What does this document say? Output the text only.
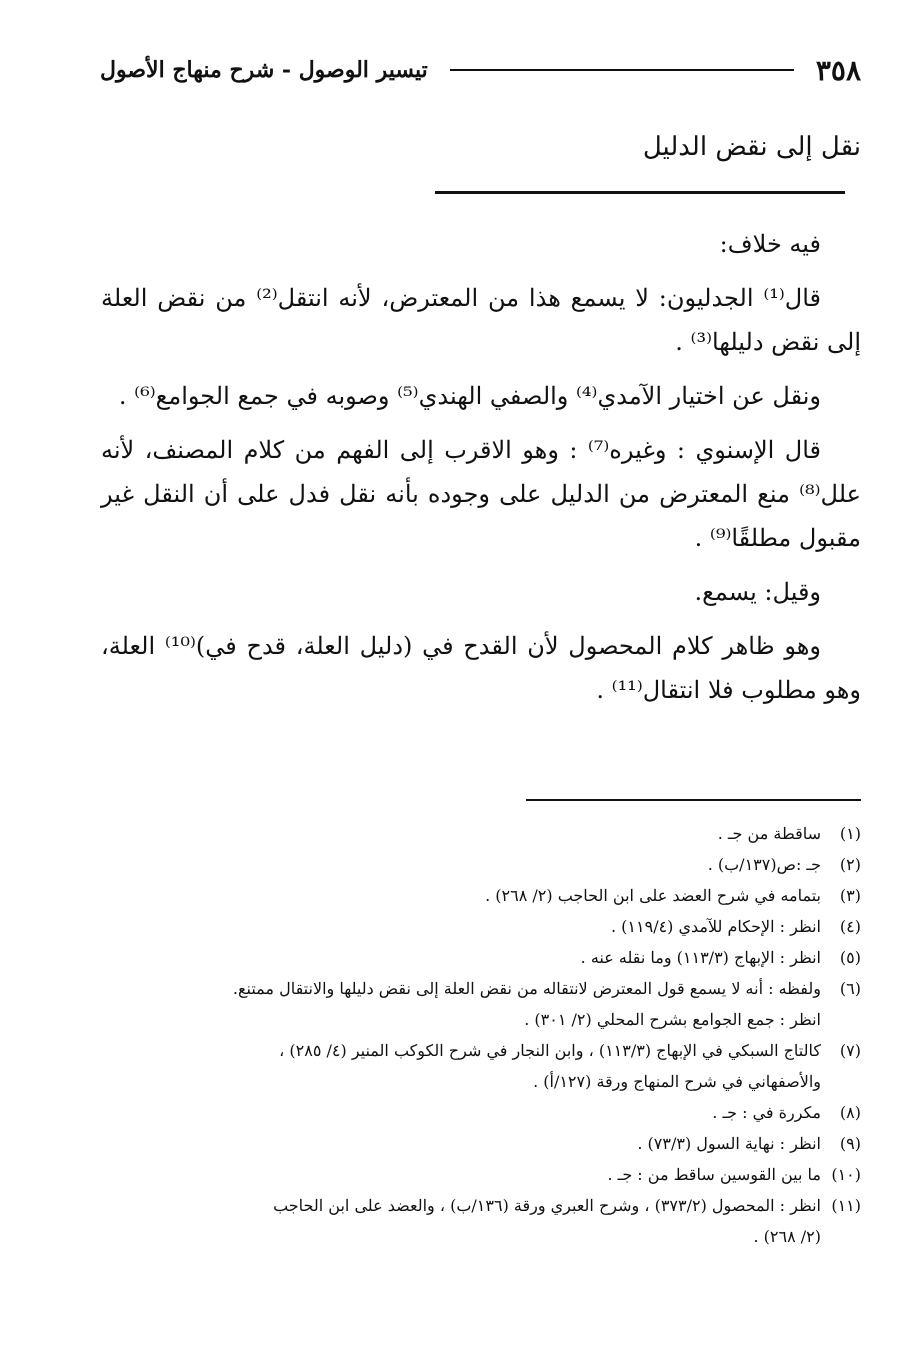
٣٥٨
تيسير الوصول - شرح منهاج الأصول
نقل إلى نقض الدليل

فيه خلاف:

قال⁽¹⁾ الجدليون: لا يسمع هذا من المعترض، لأنه انتقل⁽²⁾ من نقض العلة إلى نقض دليلها⁽³⁾ .

ونقل عن اختيار الآمدي⁽⁴⁾ والصفي الهندي⁽⁵⁾ وصوبه في جمع الجوامع⁽⁶⁾ .

قال الإسنوي : وغيره⁽⁷⁾ : وهو الاقرب إلى الفهم من كلام المصنف، لأنه علل⁽⁸⁾ منع المعترض من الدليل على وجوده بأنه نقل فدل على أن النقل غير مقبول مطلقًا⁽⁹⁾ .

وقيل: يسمع.

وهو ظاهر كلام المحصول لأن القدح في (دليل العلة، قدح في)⁽¹⁰⁾ العلة، وهو مطلوب فلا انتقال⁽¹¹⁾ .

(١)
ساقطة من جـ .
(٢)
جـ :ص(١٣٧/ب) .
(٣)
بتمامه في شرح العضد على ابن الحاجب (٢/ ٢٦٨) .
(٤)
انظر : الإحكام للآمدي (١١٩/٤) .
(٥)
انظر : الإبهاج (١١٣/٣) وما نقله عنه .
(٦)
ولفظه : أنه لا يسمع قول المعترض لانتقاله من نقض العلة إلى نقض دليلها والانتقال ممتنع.
انظر : جمع الجوامع بشرح المحلي (٢/ ٣٠١) .
(٧)
كالتاج السبكي في الإبهاج (١١٣/٣) ، وابن النجار في شرح الكوكب المنير (٤/ ٢٨٥) ،
والأصفهاني في شرح المنهاج ورقة (١٢٧/أ) .
(٨)
مكررة في : جـ .
(٩)
انظر : نهاية السول (٧٣/٣) .
(١٠)
ما بين القوسين ساقط من : جـ .
(١١)
انظر : المحصول (٣٧٣/٢) ، وشرح العبري ورقة (١٣٦/ب) ، والعضد على ابن الحاجب
(٢/ ٢٦٨) .
